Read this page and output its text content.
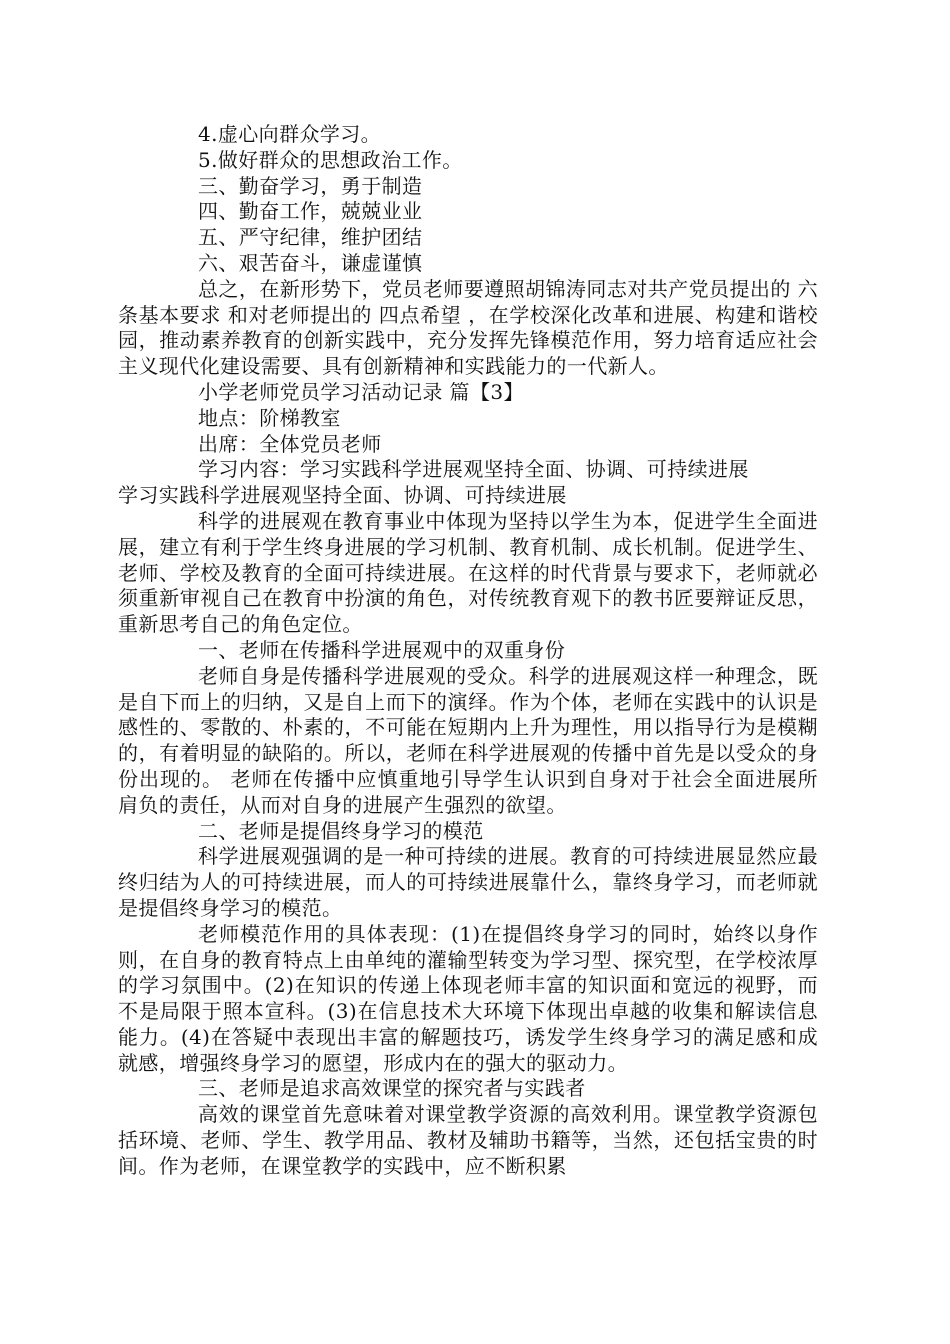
4.虚心向群众学习。

5.做好群众的思想政治工作。

三、勤奋学习，勇于制造

四、勤奋工作，兢兢业业

五、严守纪律，维护团结

六、艰苦奋斗，谦虚谨慎

总之，在新形势下，党员老师要遵照胡锦涛同志对共产党员提出的 六条基本要求 和对老师提出的 四点希望 ，在学校深化改革和进展、构建和谐校园，推动素养教育的创新实践中，充分发挥先锋模范作用，努力培育适应社会主义现代化建设需要、具有创新精神和实践能力的一代新人。

小学老师党员学习活动记录 篇【3】

地点：阶梯教室

出席：全体党员老师

学习内容：学习实践科学进展观坚持全面、协调、可持续进展

学习实践科学进展观坚持全面、协调、可持续进展

科学的进展观在教育事业中体现为坚持以学生为本，促进学生全面进展，建立有利于学生终身进展的学习机制、教育机制、成长机制。促进学生、老师、学校及教育的全面可持续进展。在这样的时代背景与要求下，老师就必须重新审视自己在教育中扮演的角色，对传统教育观下的教书匠要辩证反思，重新思考自己的角色定位。

一、老师在传播科学进展观中的双重身份

老师自身是传播科学进展观的受众。科学的进展观这样一种理念，既是自下而上的归纳，又是自上而下的演绎。作为个体，老师在实践中的认识是感性的、零散的、朴素的，不可能在短期内上升为理性，用以指导行为是模糊的，有着明显的缺陷的。所以，老师在科学进展观的传播中首先是以受众的身份出现的。 老师在传播中应慎重地引导学生认识到自身对于社会全面进展所肩负的责任，从而对自身的进展产生强烈的欲望。

二、老师是提倡终身学习的模范

科学进展观强调的是一种可持续的进展。教育的可持续进展显然应最终归结为人的可持续进展，而人的可持续进展靠什么，靠终身学习，而老师就是提倡终身学习的模范。

老师模范作用的具体表现：(1)在提倡终身学习的同时，始终以身作则，在自身的教育特点上由单纯的灌输型转变为学习型、探究型，在学校浓厚的学习氛围中。(2)在知识的传递上体现老师丰富的知识面和宽远的视野，而不是局限于照本宣科。(3)在信息技术大环境下体现出卓越的收集和解读信息能力。(4)在答疑中表现出丰富的解题技巧，诱发学生终身学习的满足感和成就感，增强终身学习的愿望，形成内在的强大的驱动力。

三、老师是追求高效课堂的探究者与实践者

高效的课堂首先意味着对课堂教学资源的高效利用。课堂教学资源包括环境、老师、学生、教学用品、教材及辅助书籍等，当然，还包括宝贵的时间。作为老师，在课堂教学的实践中，应不断积累
